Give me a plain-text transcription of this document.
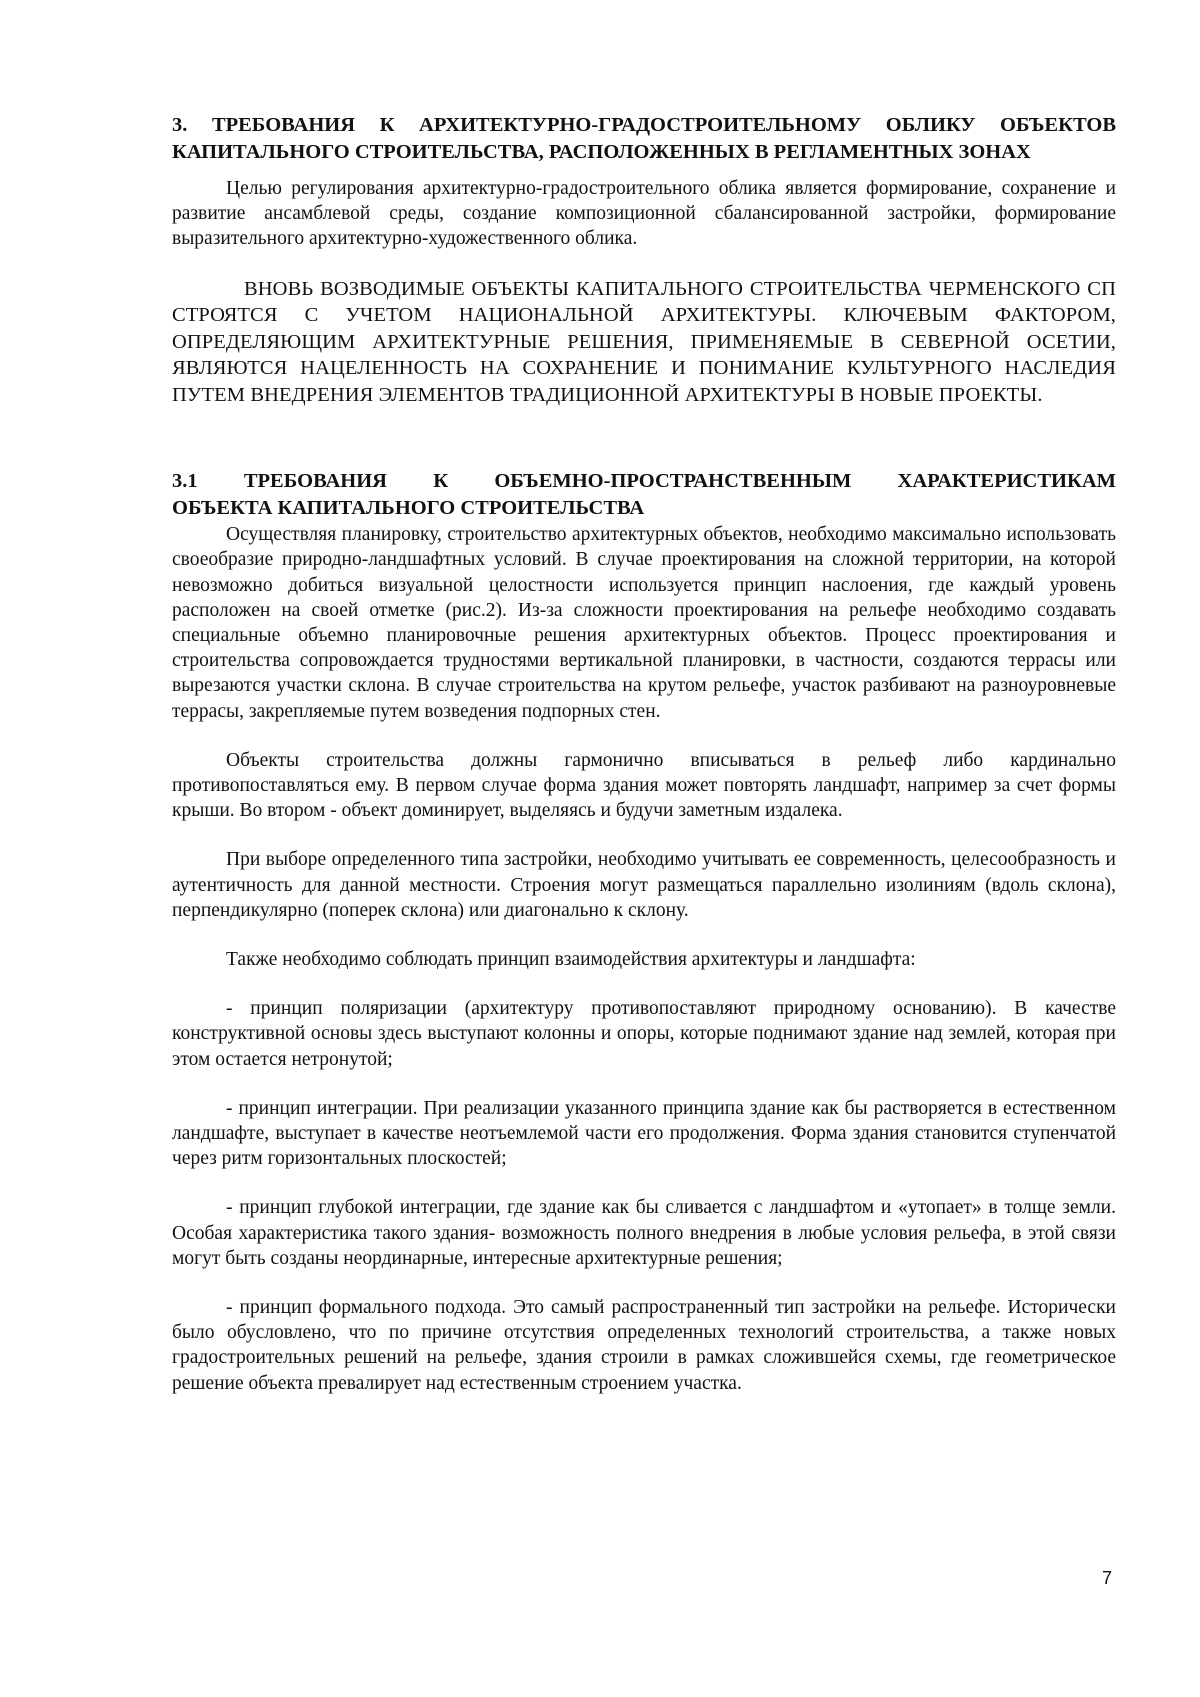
3. ТРЕБОВАНИЯ К АРХИТЕКТУРНО-ГРАДОСТРОИТЕЛЬНОМУ ОБЛИКУ ОБЪЕКТОВ
КАПИТАЛЬНОГО СТРОИТЕЛЬСТВА, РАСПОЛОЖЕННЫХ В РЕГЛАМЕНТНЫХ ЗОНАХ

Целью регулирования архитектурно-градостроительного облика является формирование, сохранение и развитие ансамблевой среды, создание композиционной сбалансированной застройки, формирование выразительного архитектурно-художественного облика.

ВНОВЬ ВОЗВОДИМЫЕ ОБЪЕКТЫ КАПИТАЛЬНОГО СТРОИТЕЛЬСТВА ЧЕРМЕНСКОГО СП СТРОЯТСЯ С УЧЕТОМ НАЦИОНАЛЬНОЙ АРХИТЕКТУРЫ. КЛЮЧЕВЫМ ФАКТОРОМ, ОПРЕДЕЛЯЮЩИМ АРХИТЕКТУРНЫЕ РЕШЕНИЯ, ПРИМЕНЯЕМЫЕ В СЕВЕРНОЙ ОСЕТИИ, ЯВЛЯЮТСЯ НАЦЕЛЕННОСТЬ НА СОХРАНЕНИЕ И ПОНИМАНИЕ КУЛЬТУРНОГО НАСЛЕДИЯ ПУТЕМ ВНЕДРЕНИЯ ЭЛЕМЕНТОВ ТРАДИЦИОННОЙ АРХИТЕКТУРЫ В НОВЫЕ ПРОЕКТЫ.

3.1 ТРЕБОВАНИЯ К ОБЪЕМНО-ПРОСТРАНСТВЕННЫМ ХАРАКТЕРИСТИКАМ
ОБЪЕКТА КАПИТАЛЬНОГО СТРОИТЕЛЬСТВА

Осуществляя планировку, строительство архитектурных объектов, необходимо максимально использовать своеобразие природно-ландшафтных условий. В случае проектирования на сложной территории, на которой невозможно добиться визуальной целостности используется принцип наслоения, где каждый уровень расположен на своей отметке (рис.2). Из-за сложности проектирования на рельефе необходимо создавать специальные объемно планировочные решения архитектурных объектов. Процесс проектирования и строительства сопровождается трудностями вертикальной планировки, в частности, создаются террасы или вырезаются участки склона. В случае строительства на крутом рельефе, участок разбивают на разноуровневые террасы, закрепляемые путем возведения подпорных стен.

Объекты строительства должны гармонично вписываться в рельеф либо кардинально противопоставляться ему. В первом случае форма здания может повторять ландшафт, например за счет формы крыши. Во втором - объект доминирует, выделяясь и будучи заметным издалека.

При выборе определенного типа застройки, необходимо учитывать ее современность, целесообразность и аутентичность для данной местности. Строения могут размещаться параллельно изолиниям (вдоль склона), перпендикулярно (поперек склона) или диагонально к склону.

Также необходимо соблюдать принцип взаимодействия архитектуры и ландшафта:

- принцип поляризации (архитектуру противопоставляют природному основанию). В качестве конструктивной основы здесь выступают колонны и опоры, которые поднимают здание над землей, которая при этом остается нетронутой;

- принцип интеграции. При реализации указанного принципа здание как бы растворяется в естественном ландшафте, выступает в качестве неотъемлемой части его продолжения. Форма здания становится ступенчатой через ритм горизонтальных плоскостей;

- принцип глубокой интеграции, где здание как бы сливается с ландшафтом и «утопает» в толще земли. Особая характеристика такого здания- возможность полного внедрения в любые условия рельефа, в этой связи могут быть созданы неординарные, интересные архитектурные решения;

- принцип формального подхода. Это самый распространенный тип застройки на рельефе. Исторически было обусловлено, что по причине отсутствия определенных технологий строительства, а также новых градостроительных решений на рельефе, здания строили в рамках сложившейся схемы, где геометрическое решение объекта превалирует над естественным строением участка.

7
